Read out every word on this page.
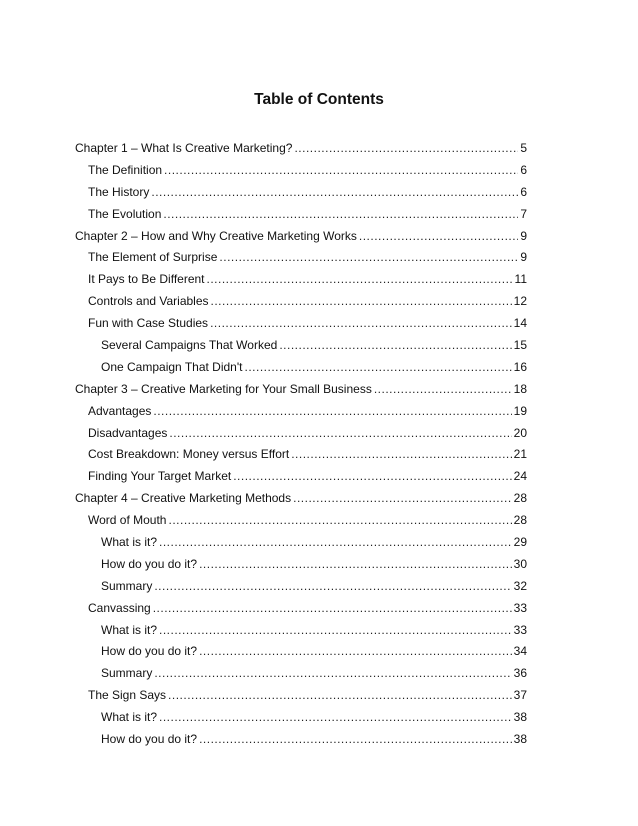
Table of Contents
Chapter 1 – What Is Creative Marketing? .....	5
The Definition .....	6
The History .....	6
The Evolution .....	7
Chapter 2 – How and Why Creative Marketing Works .....	9
The Element of Surprise .....	9
It Pays to Be Different .....	11
Controls and Variables .....	12
Fun with Case Studies .....	14
Several Campaigns That Worked .....	15
One Campaign That Didn't .....	16
Chapter 3 – Creative Marketing for Your Small Business .....	18
Advantages .....	19
Disadvantages .....	20
Cost Breakdown: Money versus Effort .....	21
Finding Your Target Market .....	24
Chapter 4 – Creative Marketing Methods .....	28
Word of Mouth .....	28
What is it? .....	29
How do you do it? .....	30
Summary .....	32
Canvassing .....	33
What is it? .....	33
How do you do it? .....	34
Summary .....	36
The Sign Says .....	37
What is it? .....	38
How do you do it? .....	38
